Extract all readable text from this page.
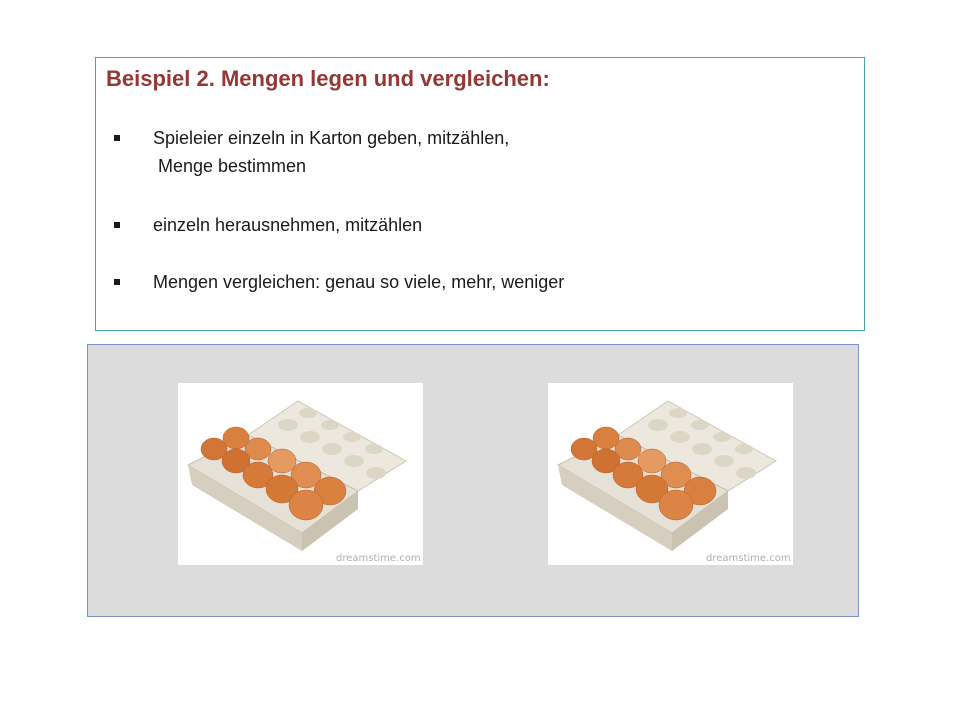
Beispiel 2. Mengen legen und vergleichen:
Spieleier einzeln in Karton geben, mitzählen,
Menge bestimmen
einzeln herausnehmen, mitzählen
Mengen vergleichen: genau so viele, mehr, weniger
dreamstime.com	dreamstime.com
